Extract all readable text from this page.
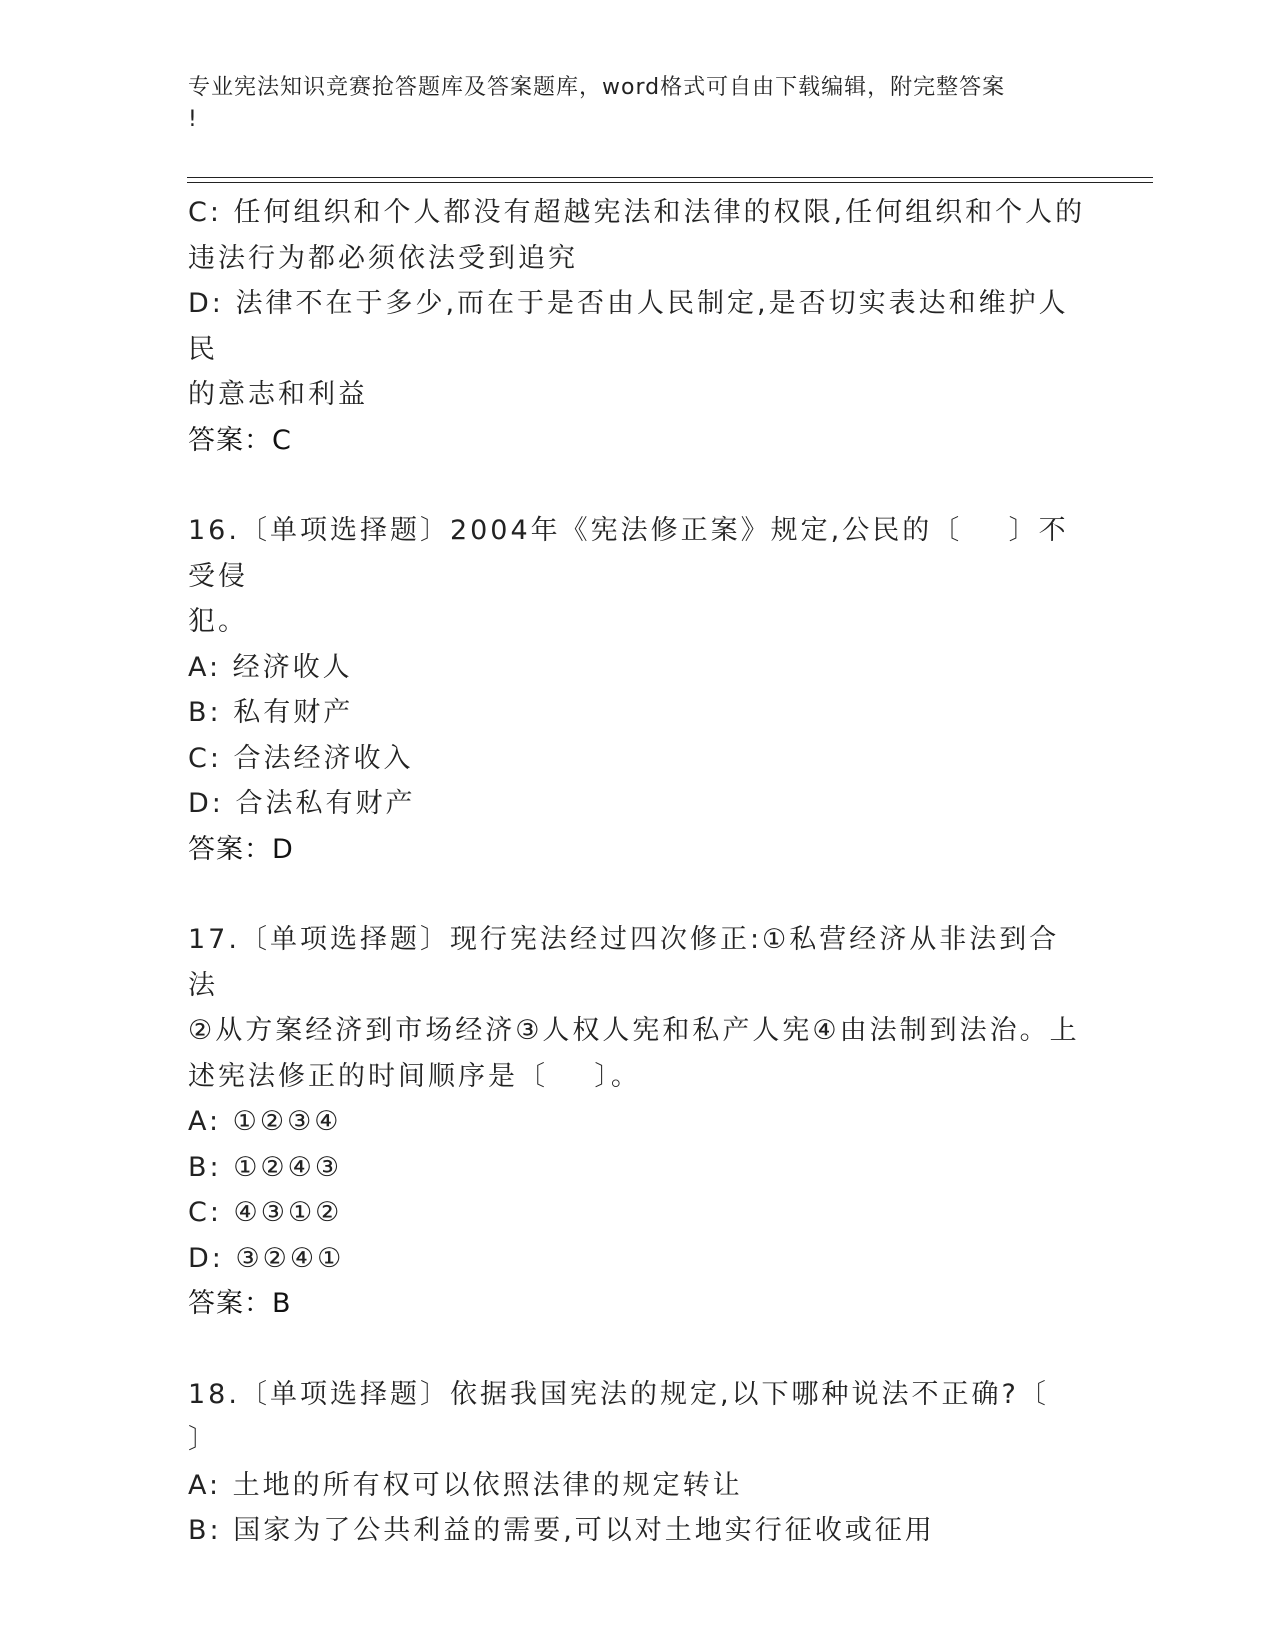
专业宪法知识竞赛抢答题库及答案题库，word格式可自由下载编辑，附完整答案
!
C: 任何组织和个人都没有超越宪法和法律的权限,任何组织和个人的
违法行为都必须依法受到追究
D: 法律不在于多少,而在于是否由人民制定,是否切实表达和维护人民
的意志和利益
答案：C
16.〔单项选择题〕2004年《宪法修正案》规定,公民的〔    〕不受侵
犯。
A: 经济收人
B: 私有财产
C: 合法经济收入
D: 合法私有财产
答案：D
17.〔单项选择题〕现行宪法经过四次修正:①私营经济从非法到合法
②从方案经济到市场经济③人权人宪和私产人宪④由法制到法治。上
述宪法修正的时间顺序是〔    〕。
A: ①②③④
B: ①②④③
C: ④③①②
D: ③②④①
答案：B
18.〔单项选择题〕依据我国宪法的规定,以下哪种说法不正确?〔
〕
A: 土地的所有权可以依照法律的规定转让
B: 国家为了公共利益的需要,可以对土地实行征收或征用
